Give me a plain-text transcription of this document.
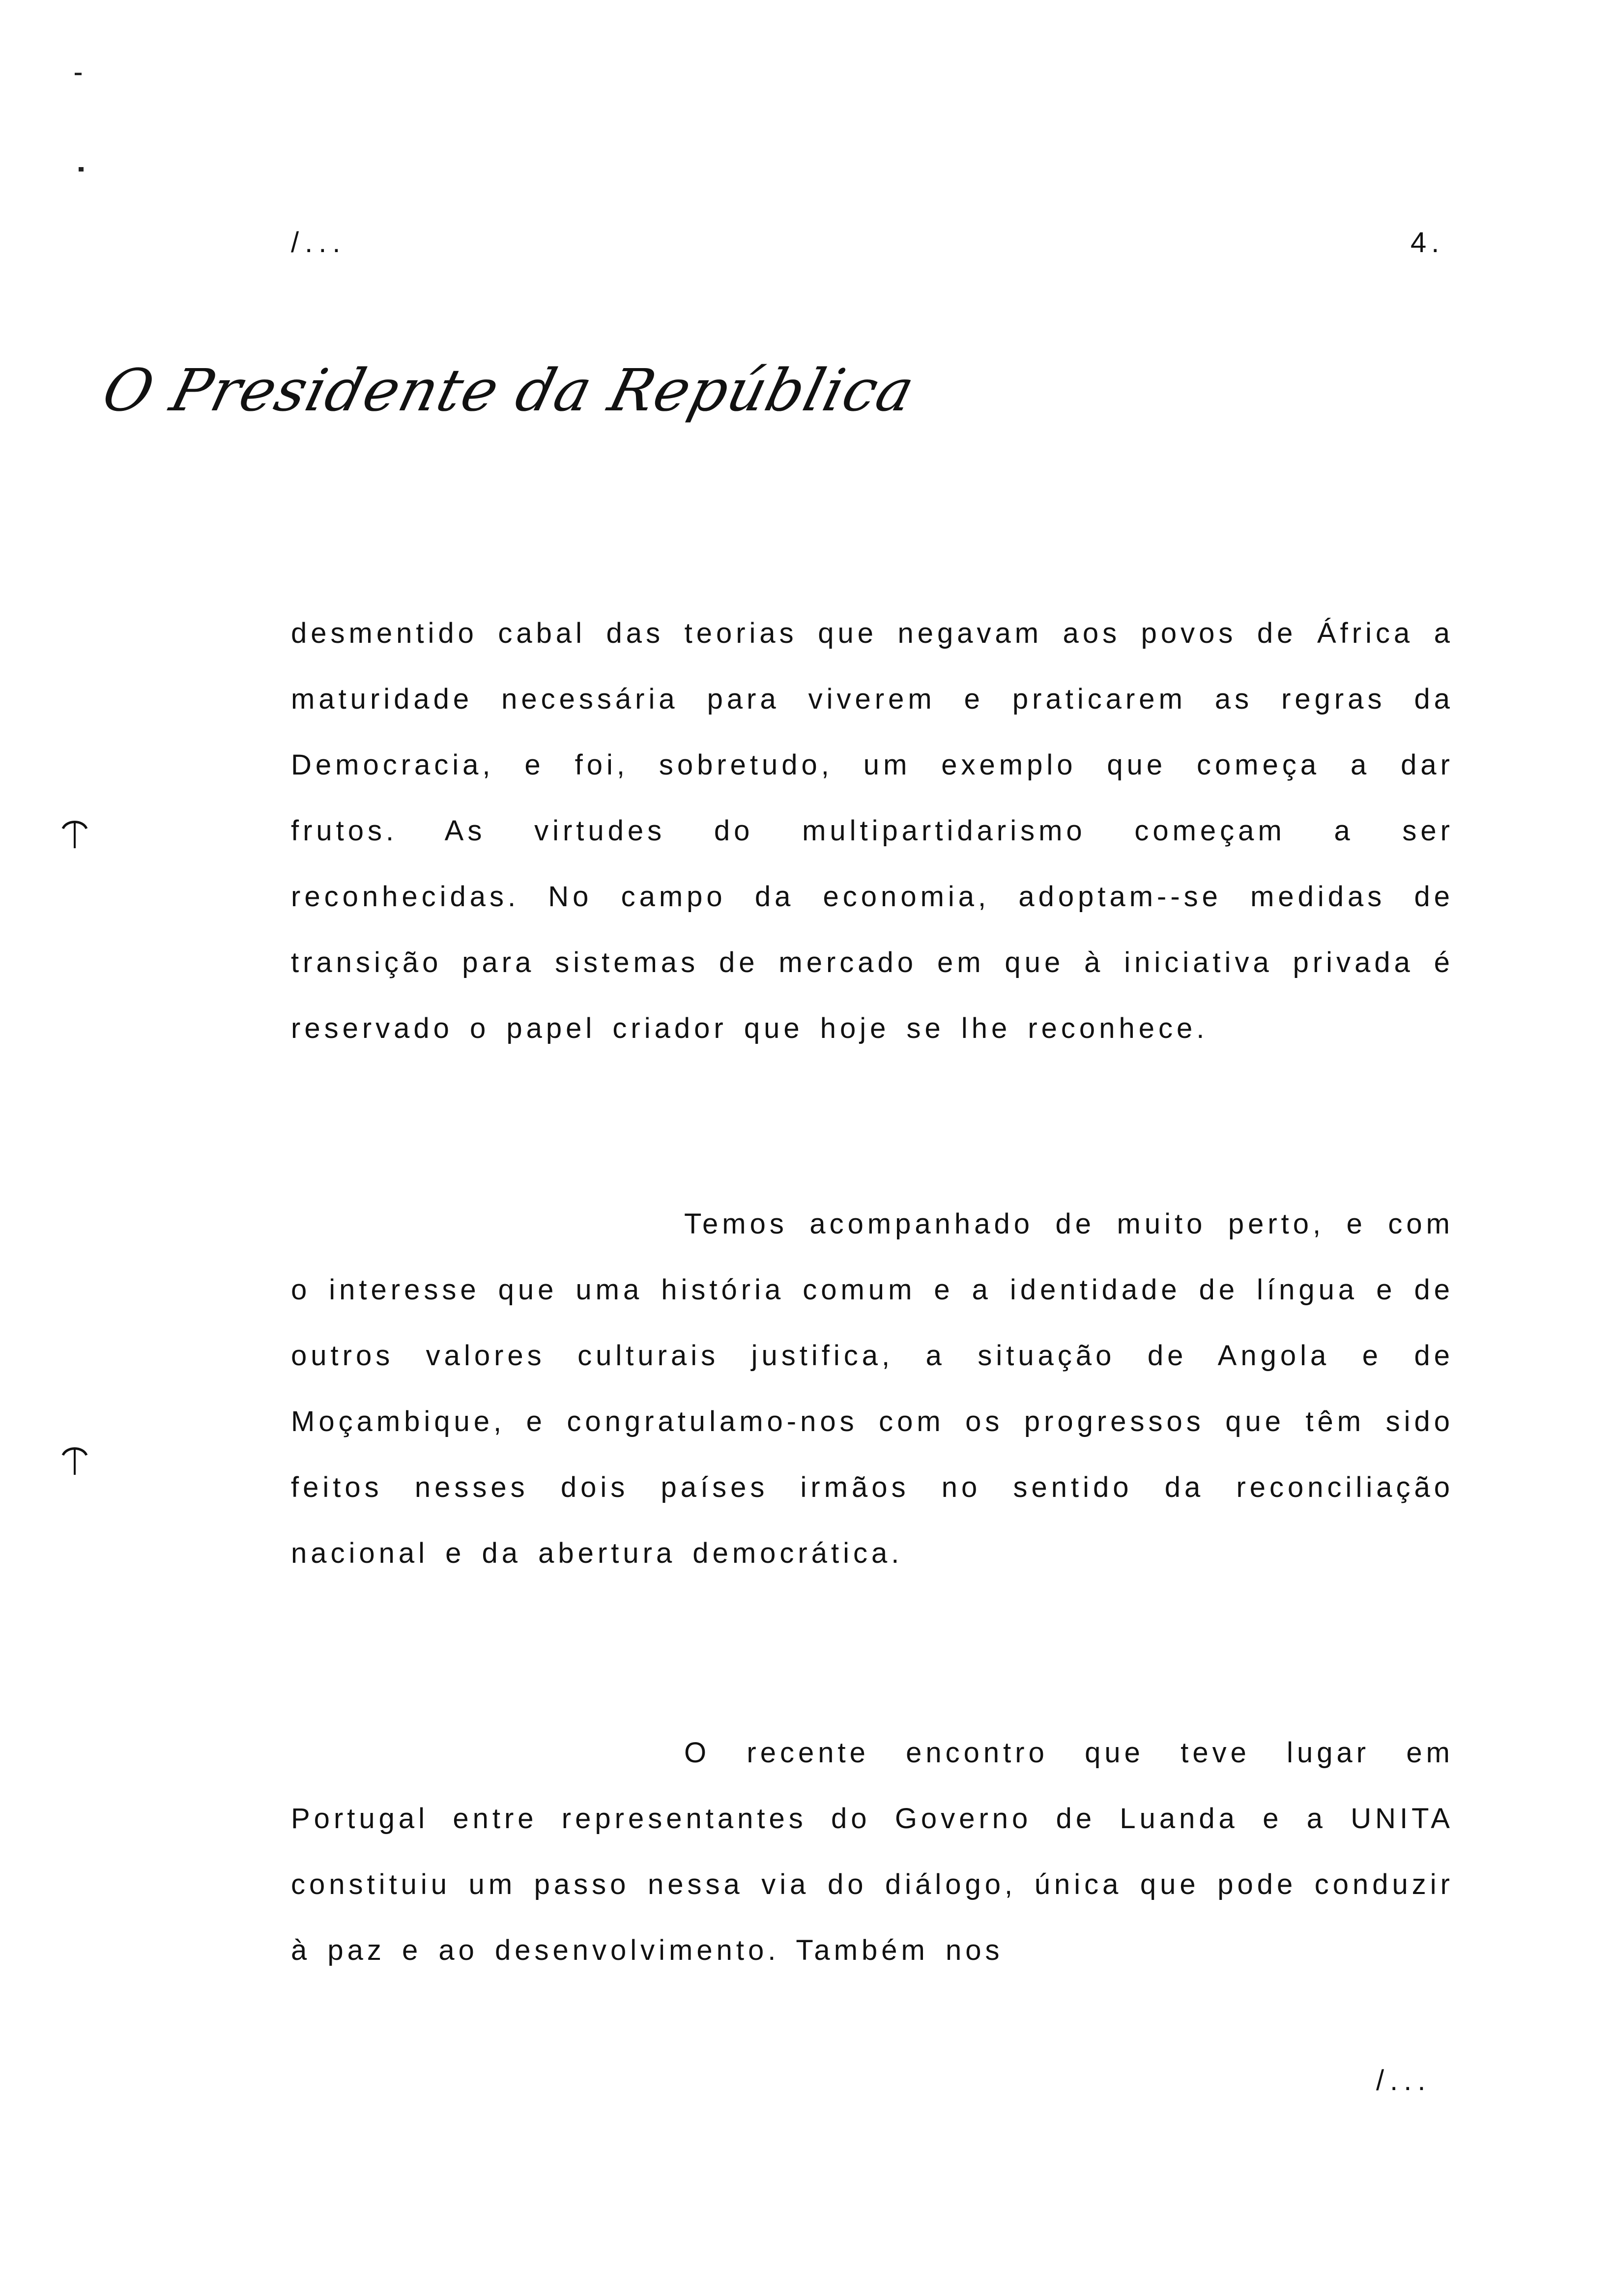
/...	4.
O Presidente da República
desmentido cabal das teorias que negavam aos povos de África a maturidade necessária para viverem e praticarem as regras da Democracia, e foi, sobretudo, um exemplo que começa a dar frutos. As virtudes do multipartidarismo começam a ser reconhecidas. No campo da economia, adoptam--se medidas de transição para sistemas de mercado em que à iniciativa privada é reservado o papel criador que hoje se lhe reconhece.
Temos acompanhado de muito perto, e com o interesse que uma história comum e a identidade de língua e de outros valores culturais justifica, a situação de Angola e de Moçambique, e congratulamo-nos com os progressos que têm sido feitos nesses dois países irmãos no sentido da reconciliação nacional e da abertura democrática.
O recente encontro que teve lugar em Portugal entre representantes do Governo de Luanda e a UNITA constituiu um passo nessa via do diálogo, única que pode conduzir à paz e ao desenvolvimento. Também nos
/...
